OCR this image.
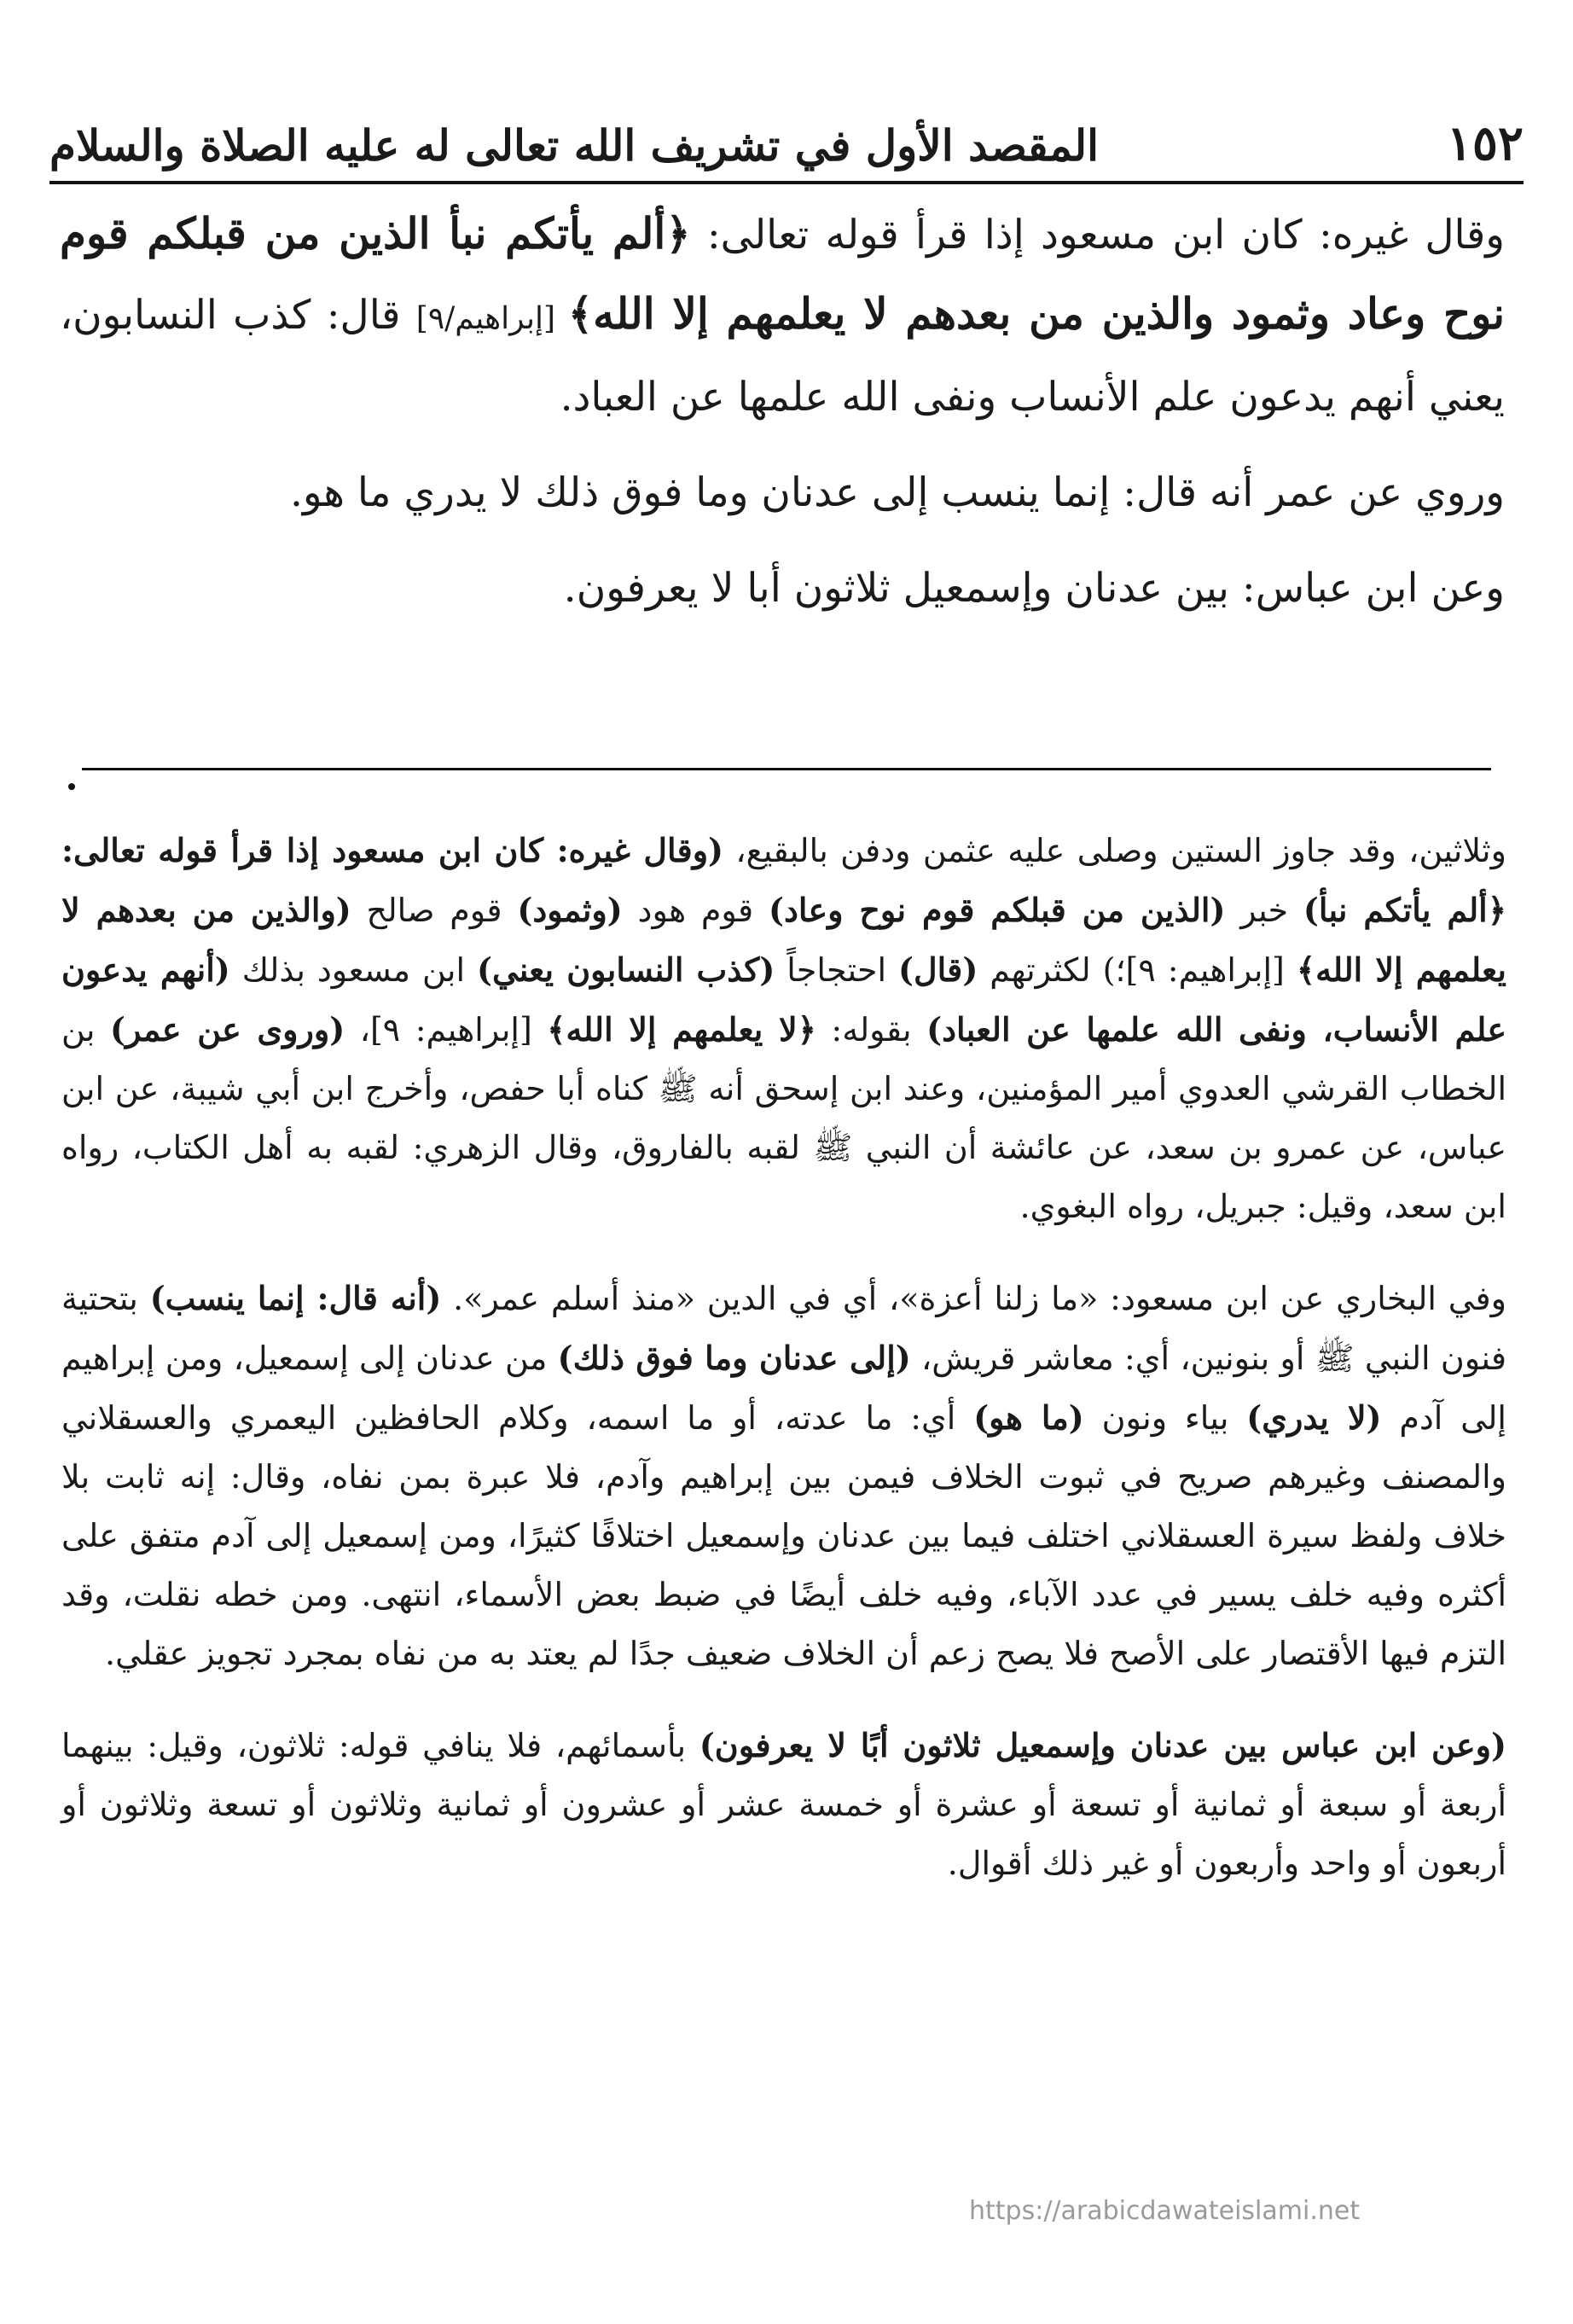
١٥٢
المقصد الأول في تشريف الله تعالى له عليه الصلاة والسلام

وقال غيره: كان ابن مسعود إذا قرأ قوله تعالى: ﴿ألم يأتكم نبأ الذين من قبلكم قوم نوح وعاد وثمود والذين من بعدهم لا يعلمهم إلا الله﴾ [إبراهيم/٩] قال: كذب النسابون، يعني أنهم يدعون علم الأنساب ونفى الله علمها عن العباد.

وروي عن عمر أنه قال: إنما ينسب إلى عدنان وما فوق ذلك لا يدري ما هو.

وعن ابن عباس: بين عدنان وإسمعيل ثلاثون أبا لا يعرفون.

وثلاثين، وقد جاوز الستين وصلى عليه عثمن ودفن بالبقيع، (وقال غيره: كان ابن مسعود إذا قرأ قوله تعالى: ﴿ألم يأتكم نبأ) خبر (الذين من قبلكم قوم نوح وعاد) قوم هود (وثمود) قوم صالح (والذين من بعدهم لا يعلمهم إلا الله﴾ [إبراهيم: ٩]؛) لكثرتهم (قال) احتجاجاً (كذب النسابون يعني) ابن مسعود بذلك (أنهم يدعون علم الأنساب، ونفى الله علمها عن العباد) بقوله: ﴿لا يعلمهم إلا الله﴾ [إبراهيم: ٩]، (وروى عن عمر) بن الخطاب القرشي العدوي أمير المؤمنين، وعند ابن إسحق أنه ﷺ كناه أبا حفص، وأخرج ابن أبي شيبة، عن ابن عباس، عن عمرو بن سعد، عن عائشة أن النبي ﷺ لقبه بالفاروق، وقال الزهري: لقبه به أهل الكتاب، رواه ابن سعد، وقيل: جبريل، رواه البغوي.

وفي البخاري عن ابن مسعود: «ما زلنا أعزة»، أي في الدين «منذ أسلم عمر». (أنه قال: إنما ينسب) بتحتية فنون النبي ﷺ أو بنونين، أي: معاشر قريش، (إلى عدنان وما فوق ذلك) من عدنان إلى إسمعيل، ومن إبراهيم إلى آدم (لا يدري) بياء ونون (ما هو) أي: ما عدته، أو ما اسمه، وكلام الحافظين اليعمري والعسقلاني والمصنف وغيرهم صريح في ثبوت الخلاف فيمن بين إبراهيم وآدم، فلا عبرة بمن نفاه، وقال: إنه ثابت بلا خلاف ولفظ سيرة العسقلاني اختلف فيما بين عدنان وإسمعيل اختلافًا كثيرًا، ومن إسمعيل إلى آدم متفق على أكثره وفيه خلف يسير في عدد الآباء، وفيه خلف أيضًا في ضبط بعض الأسماء، انتهى. ومن خطه نقلت، وقد التزم فيها الأقتصار على الأصح فلا يصح زعم أن الخلاف ضعيف جدًا لم يعتد به من نفاه بمجرد تجويز عقلي.

(وعن ابن عباس بين عدنان وإسمعيل ثلاثون أبًا لا يعرفون) بأسمائهم، فلا ينافي قوله: ثلاثون، وقيل: بينهما أربعة أو سبعة أو ثمانية أو تسعة أو عشرة أو خمسة عشر أو عشرون أو ثمانية وثلاثون أو تسعة وثلاثون أو أربعون أو واحد وأربعون أو غير ذلك أقوال.

https://arabicdawateislami.net
